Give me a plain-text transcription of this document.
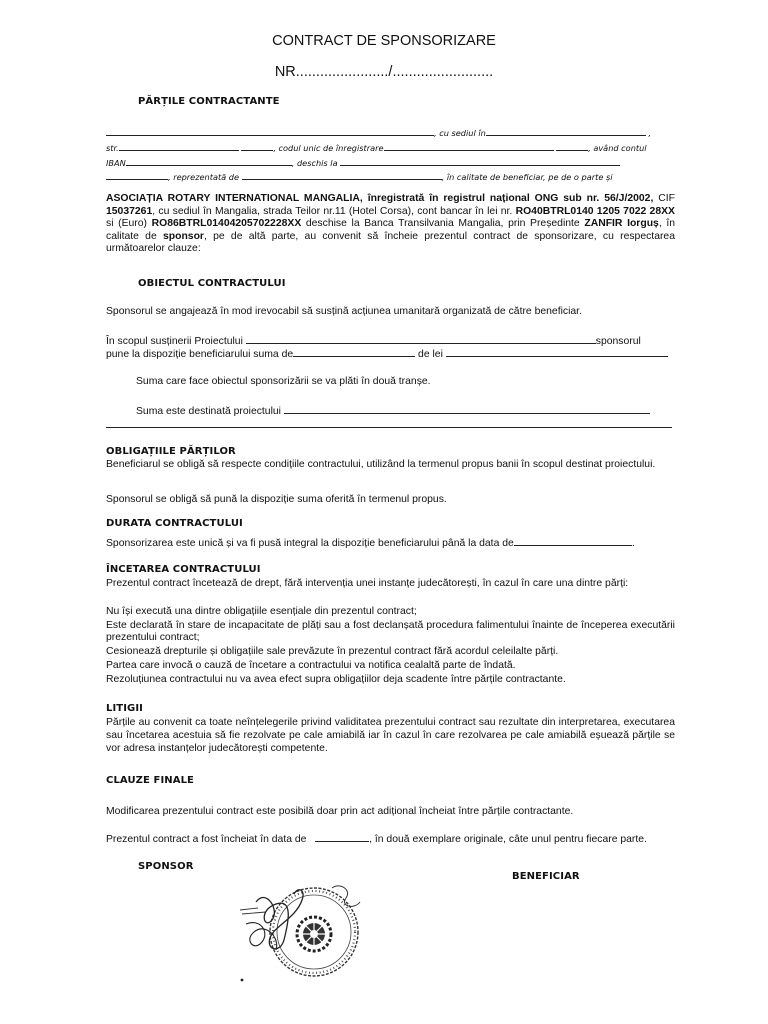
CONTRACT DE SPONSORIZARE
NR......................./.........................
PĂRȚILE CONTRACTANTE
, cu sediul în	,
str.	, codul unic de înregistrare	, având contul
IBAN	, deschis la
, reprezentată de	, în calitate de beneficiar, pe de o parte și
ASOCIAȚIA ROTARY INTERNATIONAL MANGALIA, înregistrată în registrul național ONG sub nr. 56/J/2002, CIF 15037261, cu sediul în Mangalia, strada Teilor nr.11 (Hotel Corsa), cont bancar în lei nr. RO40BTRL0140 1205 7022 28XX si (Euro) RO86BTRL01404205702228XX deschise la Banca Transilvania Mangalia, prin Președinte ZANFIR Iorguș, în calitate de sponsor, pe de altă parte, au convenit să încheie prezentul contract de sponsorizare, cu respectarea următoarelor clauze:
OBIECTUL CONTRACTULUI
Sponsorul se angajează în mod irevocabil să susțină acțiunea umanitară organizată de către beneficiar.
În scopul susținerii Proiectului	sponsorul
pune la dispoziție beneficiarului suma de	de lei
Suma care face obiectul sponsorizării se va plăti în două tranșe.
Suma este destinată proiectului
OBLIGAȚIILE PĂRȚILOR
Beneficiarul se obligă să respecte condițiile contractului, utilizând la termenul propus banii în scopul destinat proiectului.
Sponsorul se obligă să pună la dispoziție suma oferită în termenul propus.
DURATA CONTRACTULUI
Sponsorizarea este unică și va fi pusă integral la dispoziție beneficiarului până la data de	.
ÎNCETAREA CONTRACTULUI
Prezentul contract încetează de drept, fără intervenția unei instanțe judecătorești, în cazul în care una dintre părți:
Nu își execută una dintre obligațiile esențiale din prezentul contract;
Este declarată în stare de incapacitate de plăți sau a fost declanșată procedura falimentului înainte de începerea executării prezentului contract;
Cesionează drepturile și obligațiile sale prevăzute în prezentul contract fără acordul celeilalte părți.
Partea care invocă o cauză de încetare a contractului va notifica cealaltă parte de îndată.
Rezoluțiunea contractului nu va avea efect supra obligațiilor deja scadente între părțile contractante.
LITIGII
Părțile au convenit ca toate neînțelegerile privind validitatea prezentului contract sau rezultate din interpretarea, executarea sau încetarea acestuia să fie rezolvate pe cale amiabilă iar în cazul în care rezolvarea pe cale amiabilă eșuează părțile se vor adresa instanțelor judecătorești competente.
CLAUZE FINALE
Modificarea prezentului contract este posibilă doar prin act adițional încheiat între părțile contractante.
Prezentul contract a fost încheiat în data de	, în două exemplare originale, câte unul pentru fiecare parte.
SPONSOR
BENEFICIAR
